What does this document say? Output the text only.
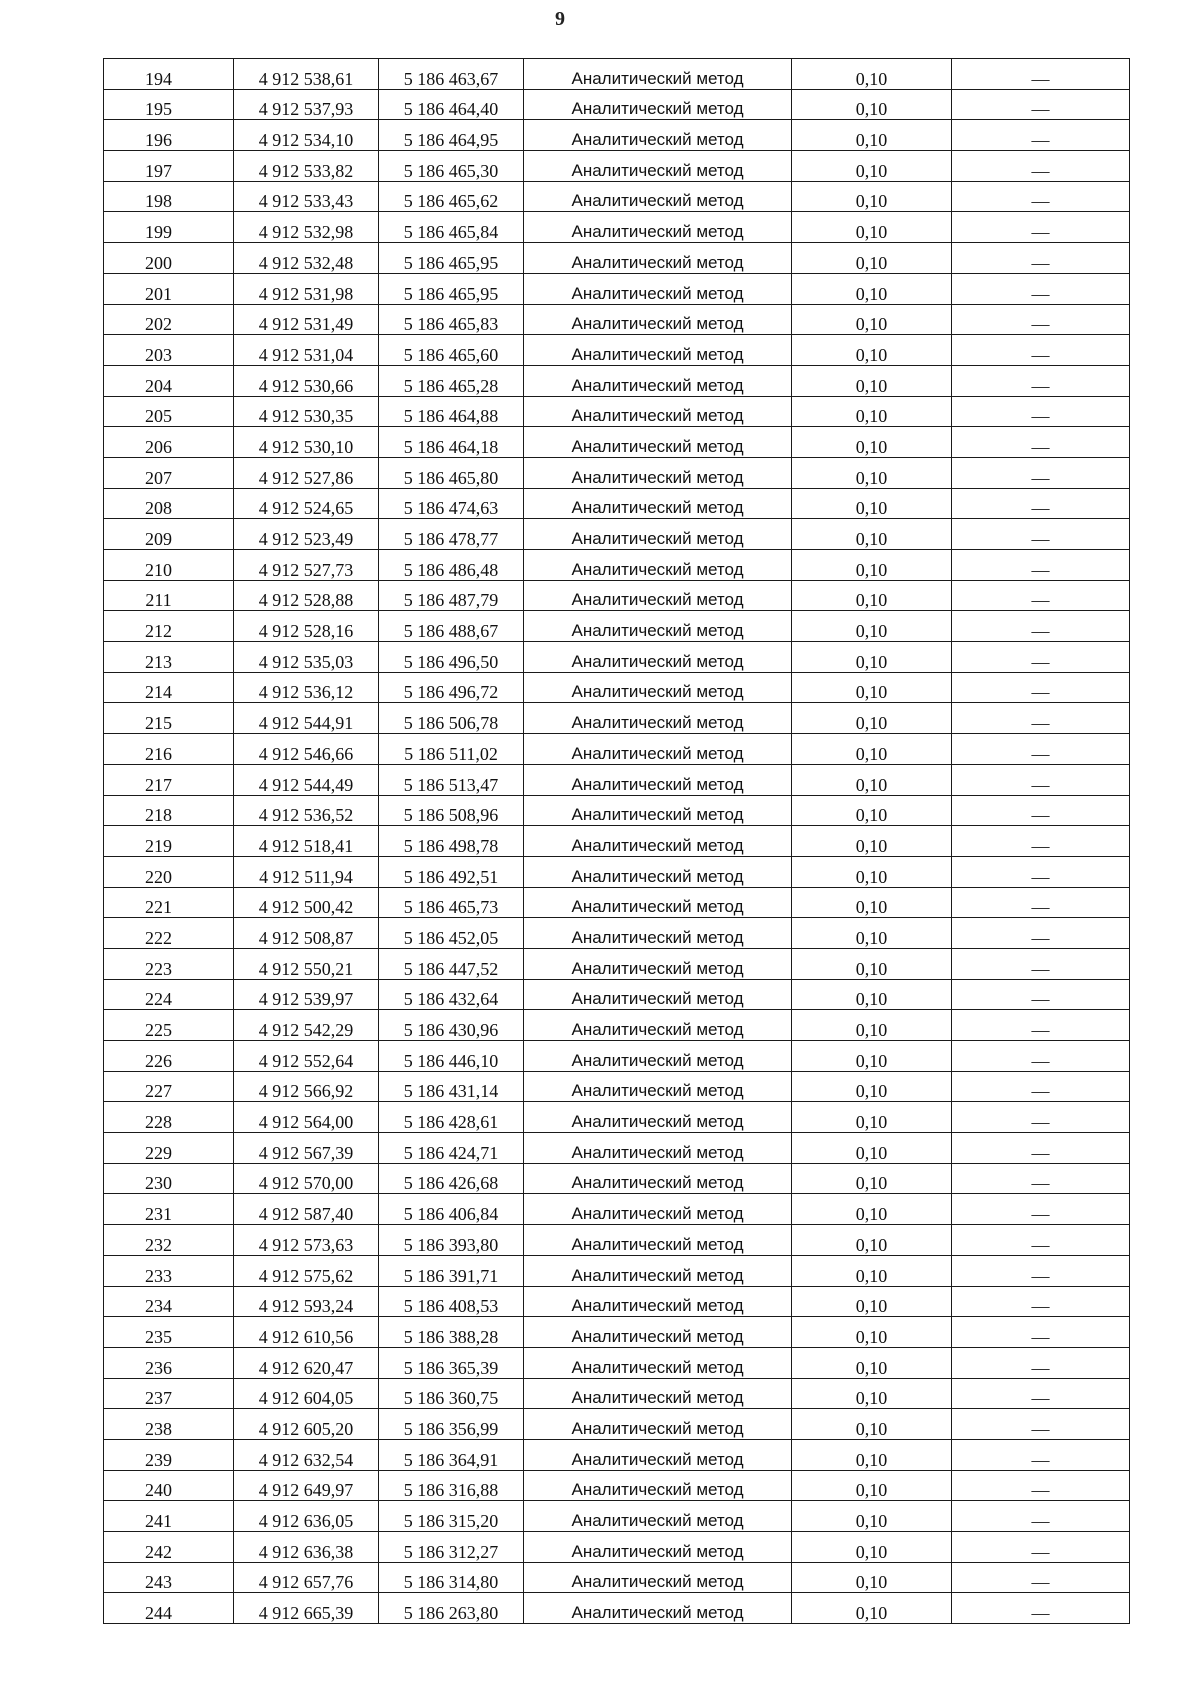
9
194	4 912 538,61	5 186 463,67	Аналитический метод	0,10	—
195	4 912 537,93	5 186 464,40	Аналитический метод	0,10	—
196	4 912 534,10	5 186 464,95	Аналитический метод	0,10	—
197	4 912 533,82	5 186 465,30	Аналитический метод	0,10	—
198	4 912 533,43	5 186 465,62	Аналитический метод	0,10	—
199	4 912 532,98	5 186 465,84	Аналитический метод	0,10	—
200	4 912 532,48	5 186 465,95	Аналитический метод	0,10	—
201	4 912 531,98	5 186 465,95	Аналитический метод	0,10	—
202	4 912 531,49	5 186 465,83	Аналитический метод	0,10	—
203	4 912 531,04	5 186 465,60	Аналитический метод	0,10	—
204	4 912 530,66	5 186 465,28	Аналитический метод	0,10	—
205	4 912 530,35	5 186 464,88	Аналитический метод	0,10	—
206	4 912 530,10	5 186 464,18	Аналитический метод	0,10	—
207	4 912 527,86	5 186 465,80	Аналитический метод	0,10	—
208	4 912 524,65	5 186 474,63	Аналитический метод	0,10	—
209	4 912 523,49	5 186 478,77	Аналитический метод	0,10	—
210	4 912 527,73	5 186 486,48	Аналитический метод	0,10	—
211	4 912 528,88	5 186 487,79	Аналитический метод	0,10	—
212	4 912 528,16	5 186 488,67	Аналитический метод	0,10	—
213	4 912 535,03	5 186 496,50	Аналитический метод	0,10	—
214	4 912 536,12	5 186 496,72	Аналитический метод	0,10	—
215	4 912 544,91	5 186 506,78	Аналитический метод	0,10	—
216	4 912 546,66	5 186 511,02	Аналитический метод	0,10	—
217	4 912 544,49	5 186 513,47	Аналитический метод	0,10	—
218	4 912 536,52	5 186 508,96	Аналитический метод	0,10	—
219	4 912 518,41	5 186 498,78	Аналитический метод	0,10	—
220	4 912 511,94	5 186 492,51	Аналитический метод	0,10	—
221	4 912 500,42	5 186 465,73	Аналитический метод	0,10	—
222	4 912 508,87	5 186 452,05	Аналитический метод	0,10	—
223	4 912 550,21	5 186 447,52	Аналитический метод	0,10	—
224	4 912 539,97	5 186 432,64	Аналитический метод	0,10	—
225	4 912 542,29	5 186 430,96	Аналитический метод	0,10	—
226	4 912 552,64	5 186 446,10	Аналитический метод	0,10	—
227	4 912 566,92	5 186 431,14	Аналитический метод	0,10	—
228	4 912 564,00	5 186 428,61	Аналитический метод	0,10	—
229	4 912 567,39	5 186 424,71	Аналитический метод	0,10	—
230	4 912 570,00	5 186 426,68	Аналитический метод	0,10	—
231	4 912 587,40	5 186 406,84	Аналитический метод	0,10	—
232	4 912 573,63	5 186 393,80	Аналитический метод	0,10	—
233	4 912 575,62	5 186 391,71	Аналитический метод	0,10	—
234	4 912 593,24	5 186 408,53	Аналитический метод	0,10	—
235	4 912 610,56	5 186 388,28	Аналитический метод	0,10	—
236	4 912 620,47	5 186 365,39	Аналитический метод	0,10	—
237	4 912 604,05	5 186 360,75	Аналитический метод	0,10	—
238	4 912 605,20	5 186 356,99	Аналитический метод	0,10	—
239	4 912 632,54	5 186 364,91	Аналитический метод	0,10	—
240	4 912 649,97	5 186 316,88	Аналитический метод	0,10	—
241	4 912 636,05	5 186 315,20	Аналитический метод	0,10	—
242	4 912 636,38	5 186 312,27	Аналитический метод	0,10	—
243	4 912 657,76	5 186 314,80	Аналитический метод	0,10	—
244	4 912 665,39	5 186 263,80	Аналитический метод	0,10	—
